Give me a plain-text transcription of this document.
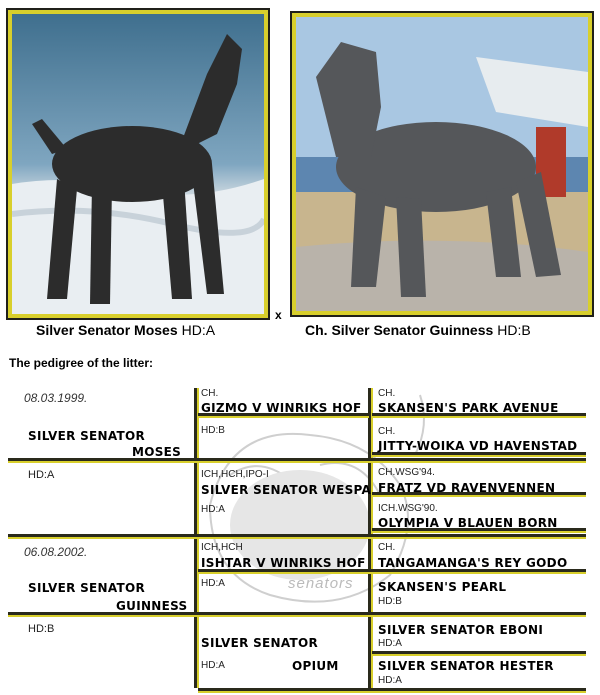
Silver Senator Moses HD:A
x
Ch. Silver Senator Guinness HD:B
The pedigree of the litter:
senators
08.03.1999.
SILVER SENATOR
MOSES
HD:A
CH.
GIZMO V WINRIKS HOF
HD:B
CH.
SKANSEN'S PARK AVENUE
CH.
JITTY-WOIKA VD HAVENSTAD
ICH,HCH,IPO-I
SILVER SENATOR WESPA
HD:A
CH.WSG'94.
FRATZ VD RAVENVENNEN
ICH.WSG'90.
OLYMPIA V BLAUEN BORN
06.08.2002.
SILVER SENATOR
GUINNESS
HD:B
ICH,HCH
ISHTAR V WINRIKS HOF
HD:A
CH.
TANGAMANGA'S REY GODO
SKANSEN'S PEARL
HD:B
SILVER SENATOR
HD:A	OPIUM
SILVER SENATOR EBONI
HD:A
SILVER SENATOR HESTER
HD:A
